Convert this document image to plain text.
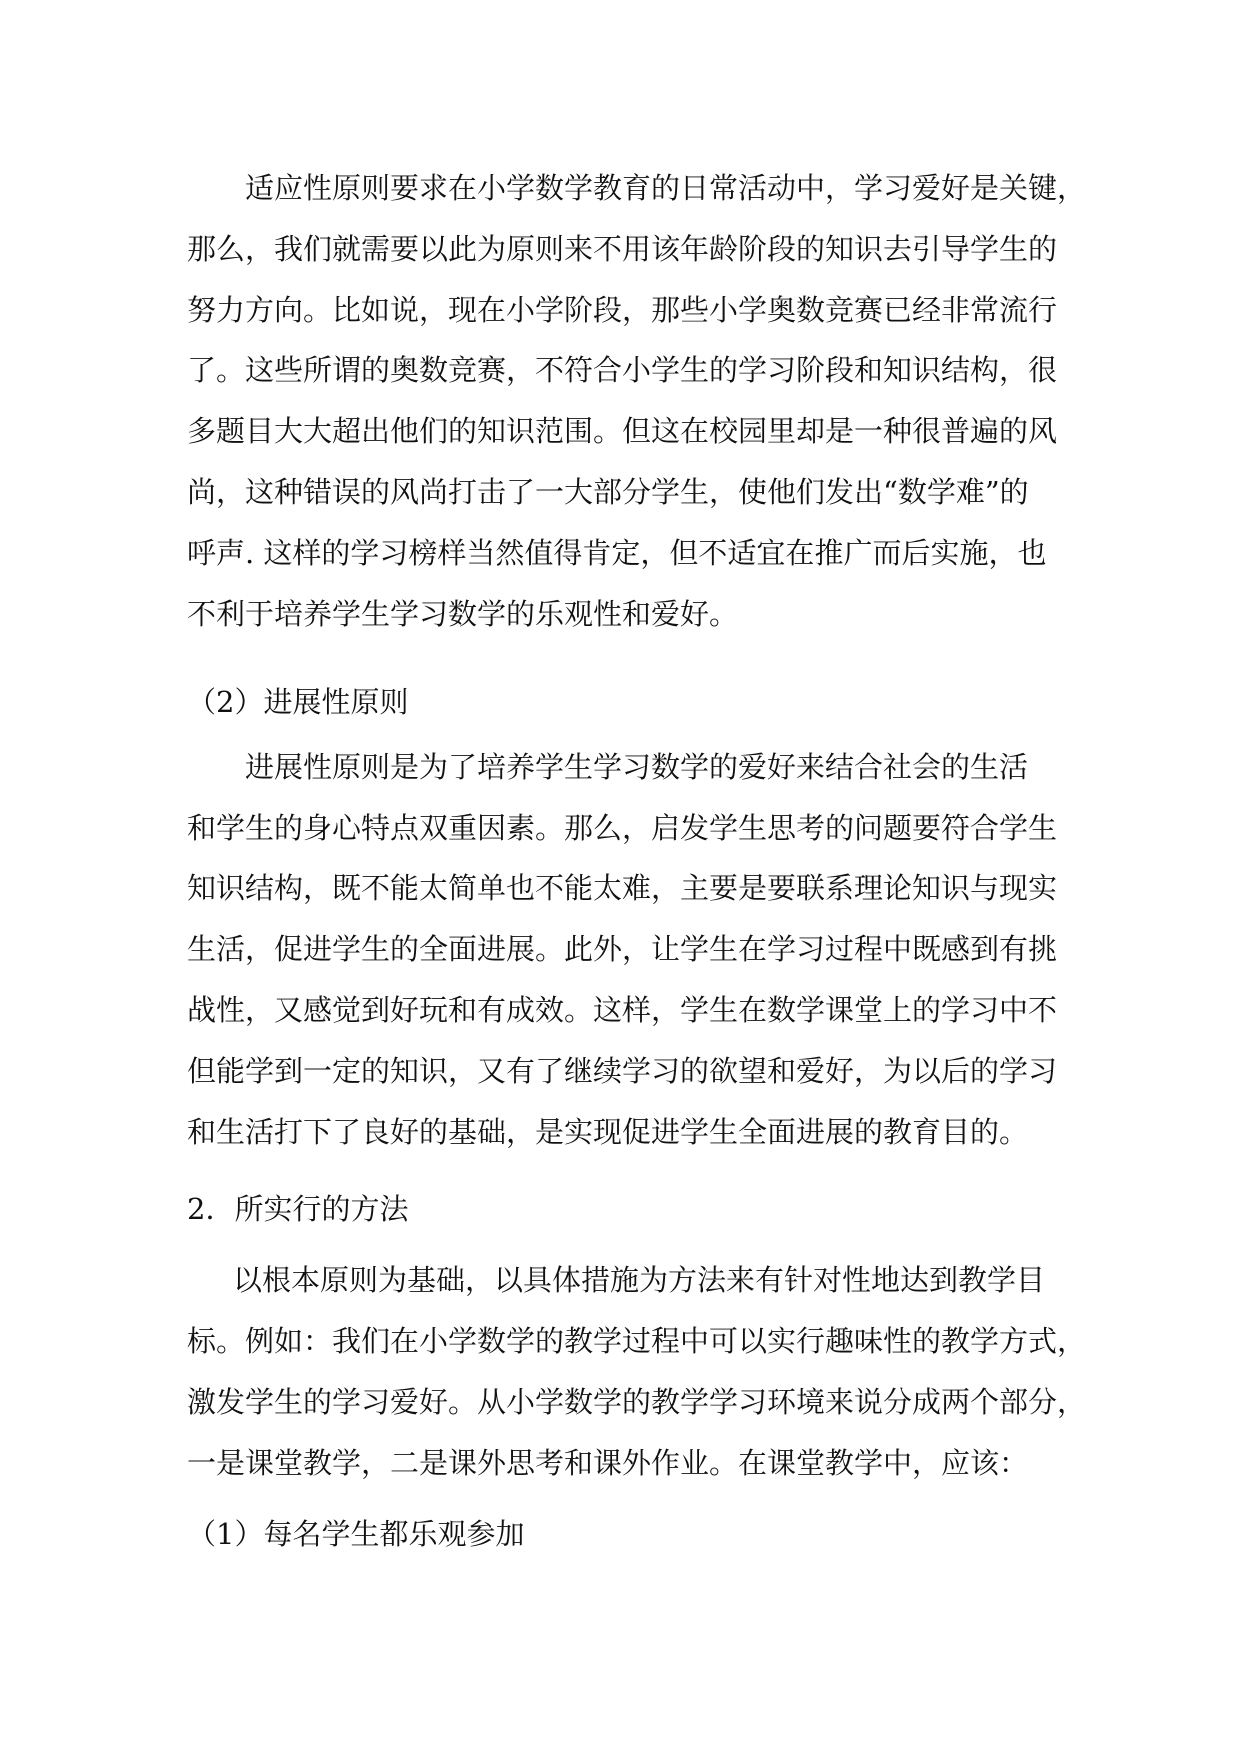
适应性原则要求在小学数学教育的日常活动中，学习爱好是关键，
那么，我们就需要以此为原则来不用该年龄阶段的知识去引导学生的
努力方向。比如说，现在小学阶段，那些小学奥数竞赛已经非常流行
了。这些所谓的奥数竞赛，不符合小学生的学习阶段和知识结构，很
多题目大大超出他们的知识范围。但这在校园里却是一种很普遍的风
尚，这种错误的风尚打击了一大部分学生，使他们发出“数学难”的
呼声. 这样的学习榜样当然值得肯定，但不适宜在推广而后实施，也
不利于培养学生学习数学的乐观性和爱好。
（2）进展性原则
进展性原则是为了培养学生学习数学的爱好来结合社会的生活
和学生的身心特点双重因素。那么，启发学生思考的问题要符合学生
知识结构，既不能太简单也不能太难，主要是要联系理论知识与现实
生活，促进学生的全面进展。此外，让学生在学习过程中既感到有挑
战性，又感觉到好玩和有成效。这样，学生在数学课堂上的学习中不
但能学到一定的知识，又有了继续学习的欲望和爱好，为以后的学习
和生活打下了良好的基础，是实现促进学生全面进展的教育目的。
2．所实行的方法
以根本原则为基础，以具体措施为方法来有针对性地达到教学目
标。例如：我们在小学数学的教学过程中可以实行趣味性的教学方式，
激发学生的学习爱好。从小学数学的教学学习环境来说分成两个部分，
一是课堂教学，二是课外思考和课外作业。在课堂教学中，应该：
（1）每名学生都乐观参加
